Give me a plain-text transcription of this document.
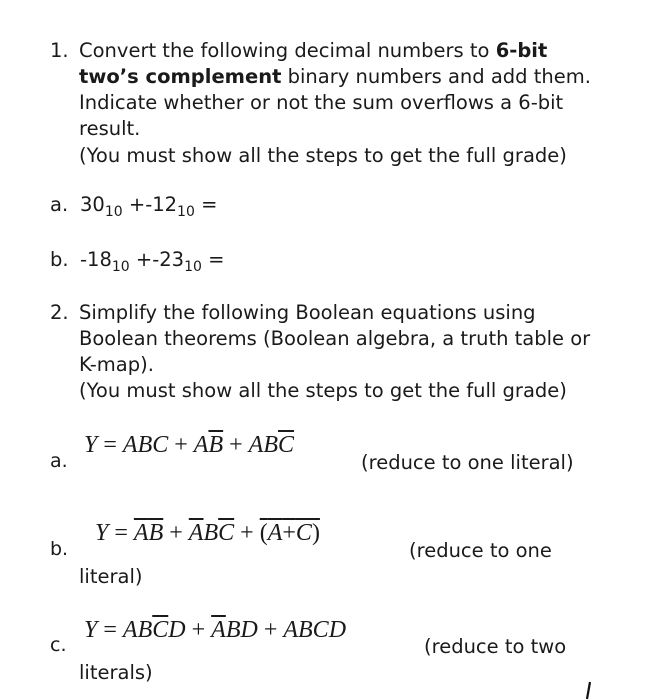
1. Convert the following decimal numbers to 6-bit
two’s complement binary numbers and add them.
Indicate whether or not the sum overflows a 6-bit
result.
(You must show all the steps to get the full grade)
a. $30_{10} +-12_{10}$ =
b. $-18_{10} +-23_{10}$ =
2. Simplify the following Boolean equations using
Boolean theorems (Boolean algebra, a truth table or
K-map).
(You must show all the steps to get the full grade)
a.
Y = ABC + $A\overline{B} + AB\overline{C}$
(reduce to one literal)
b.
$Y = \overline{A}\overline{B} + \overline{A}B\overline{C} + (A+C)$
(reduce to one
literal)
c.
$Y = AB\overline{C}D + \overline{A}BD$ + ABCD
(reduce to two
literals)
